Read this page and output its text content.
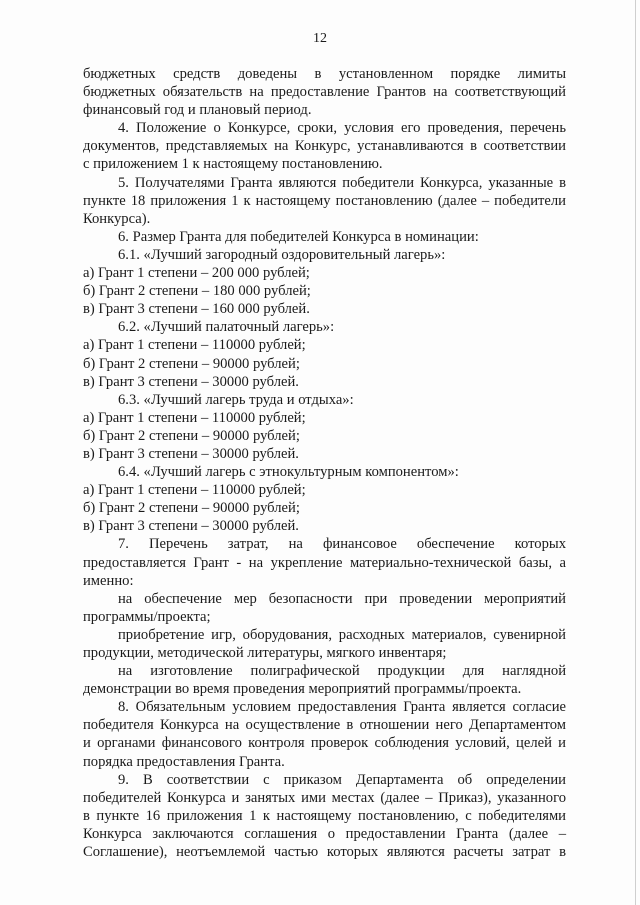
12
бюджетных средств доведены в установленном порядке лимиты
бюджетных обязательств на предоставление Грантов на соответствующий
финансовый год и плановый период.
4. Положение о Конкурсе, сроки, условия его проведения, перечень
документов, представляемых на Конкурс, устанавливаются в соответствии
с приложением 1 к настоящему постановлению.
5. Получателями Гранта являются победители Конкурса, указанные в
пункте 18 приложения 1 к настоящему постановлению (далее – победители
Конкурса).
6. Размер Гранта для победителей Конкурса в номинации:
6.1. «Лучший загородный оздоровительный лагерь»:
а) Грант 1 степени – 200 000 рублей;
б) Грант 2 степени – 180 000 рублей;
в) Грант 3 степени – 160 000 рублей.
6.2. «Лучший палаточный лагерь»:
а) Грант 1 степени – 110000 рублей;
б) Грант 2 степени – 90000 рублей;
в) Грант 3 степени – 30000 рублей.
6.3. «Лучший лагерь труда и отдыха»:
а) Грант 1 степени – 110000 рублей;
б) Грант 2 степени – 90000 рублей;
в) Грант 3 степени – 30000 рублей.
6.4. «Лучший лагерь с этнокультурным компонентом»:
а) Грант 1 степени – 110000 рублей;
б) Грант 2 степени – 90000 рублей;
в) Грант 3 степени – 30000 рублей.
7. Перечень затрат, на финансовое обеспечение которых
предоставляется Грант - на укрепление материально-технической базы, а
именно:
на обеспечение мер безопасности при проведении мероприятий
программы/проекта;
приобретение игр, оборудования, расходных материалов, сувенирной
продукции, методической литературы, мягкого инвентаря;
на изготовление полиграфической продукции для наглядной
демонстрации во время проведения мероприятий программы/проекта.
8. Обязательным условием предоставления Гранта является согласие
победителя Конкурса на осуществление в отношении него Департаментом
и органами финансового контроля проверок соблюдения условий, целей и
порядка предоставления Гранта.
9. В соответствии с приказом Департамента об определении
победителей Конкурса и занятых ими местах (далее – Приказ), указанного
в пункте 16 приложения 1 к настоящему постановлению, с победителями
Конкурса заключаются соглашения о предоставлении Гранта (далее –
Соглашение), неотъемлемой частью которых являются расчеты затрат в
